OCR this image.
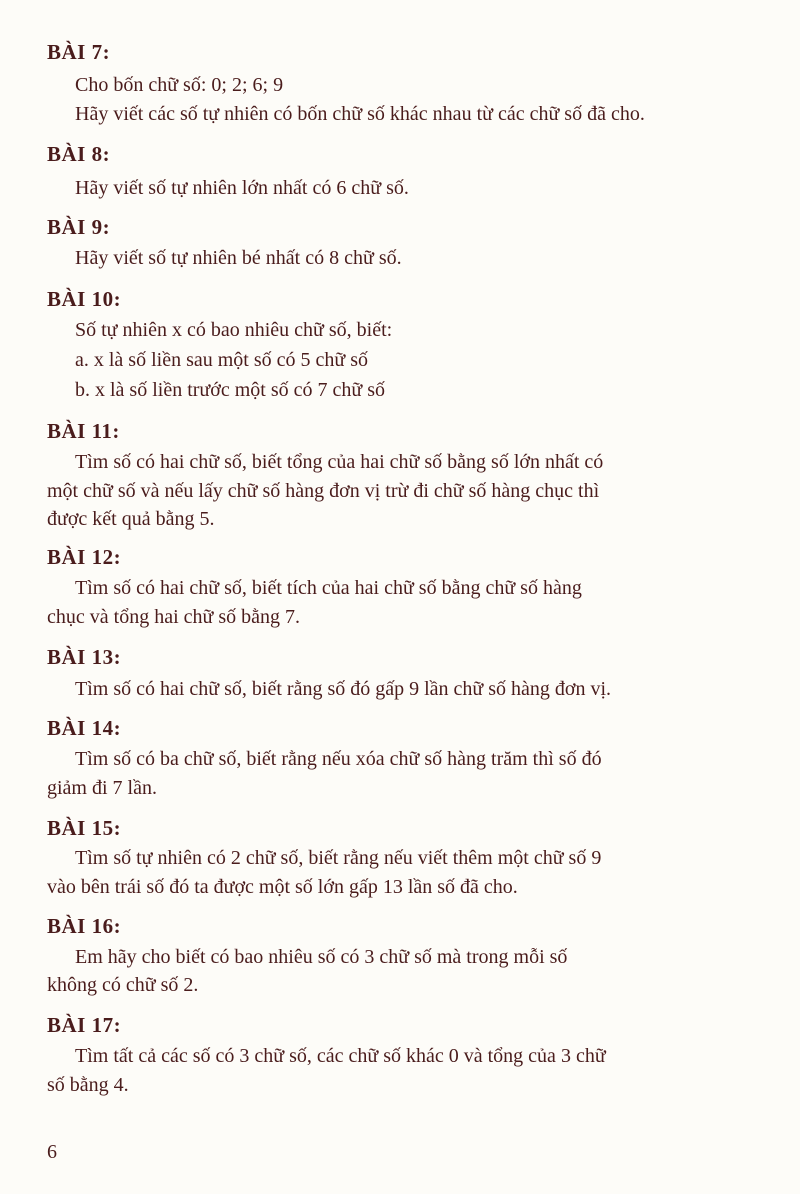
BÀI 7:
Cho bốn chữ số: 0; 2; 6; 9
Hãy viết các số tự nhiên có bốn chữ số khác nhau từ các chữ số đã cho.
BÀI 8:
Hãy viết số tự nhiên lớn nhất có 6 chữ số.
BÀI 9:
Hãy viết số tự nhiên bé nhất có 8 chữ số.
BÀI 10:
Số tự nhiên x có bao nhiêu chữ số, biết:
a. x là số liền sau một số có 5 chữ số
b. x là số liền trước một số có 7 chữ số
BÀI 11:
Tìm số có hai chữ số, biết tổng của hai chữ số bằng số lớn nhất có
một chữ số và nếu lấy chữ số hàng đơn vị trừ đi chữ số hàng chục thì
được kết quả bằng 5.
BÀI 12:
Tìm số có hai chữ số, biết tích của hai chữ số bằng chữ số hàng
chục và tổng hai chữ số bằng 7.
BÀI 13:
Tìm số có hai chữ số, biết rằng số đó gấp 9 lần chữ số hàng đơn vị.
BÀI 14:
Tìm số có ba chữ số, biết rằng nếu xóa chữ số hàng trăm thì số đó
giảm đi 7 lần.
BÀI 15:
Tìm số tự nhiên có 2 chữ số, biết rằng nếu viết thêm một chữ số 9
vào bên trái số đó ta được một số lớn gấp 13 lần số đã cho.
BÀI 16:
Em hãy cho biết có bao nhiêu số có 3 chữ số mà trong mỗi số
không có chữ số 2.
BÀI 17:
Tìm tất cả các số có 3 chữ số, các chữ số khác 0 và tổng của 3 chữ
số bằng 4.
6
